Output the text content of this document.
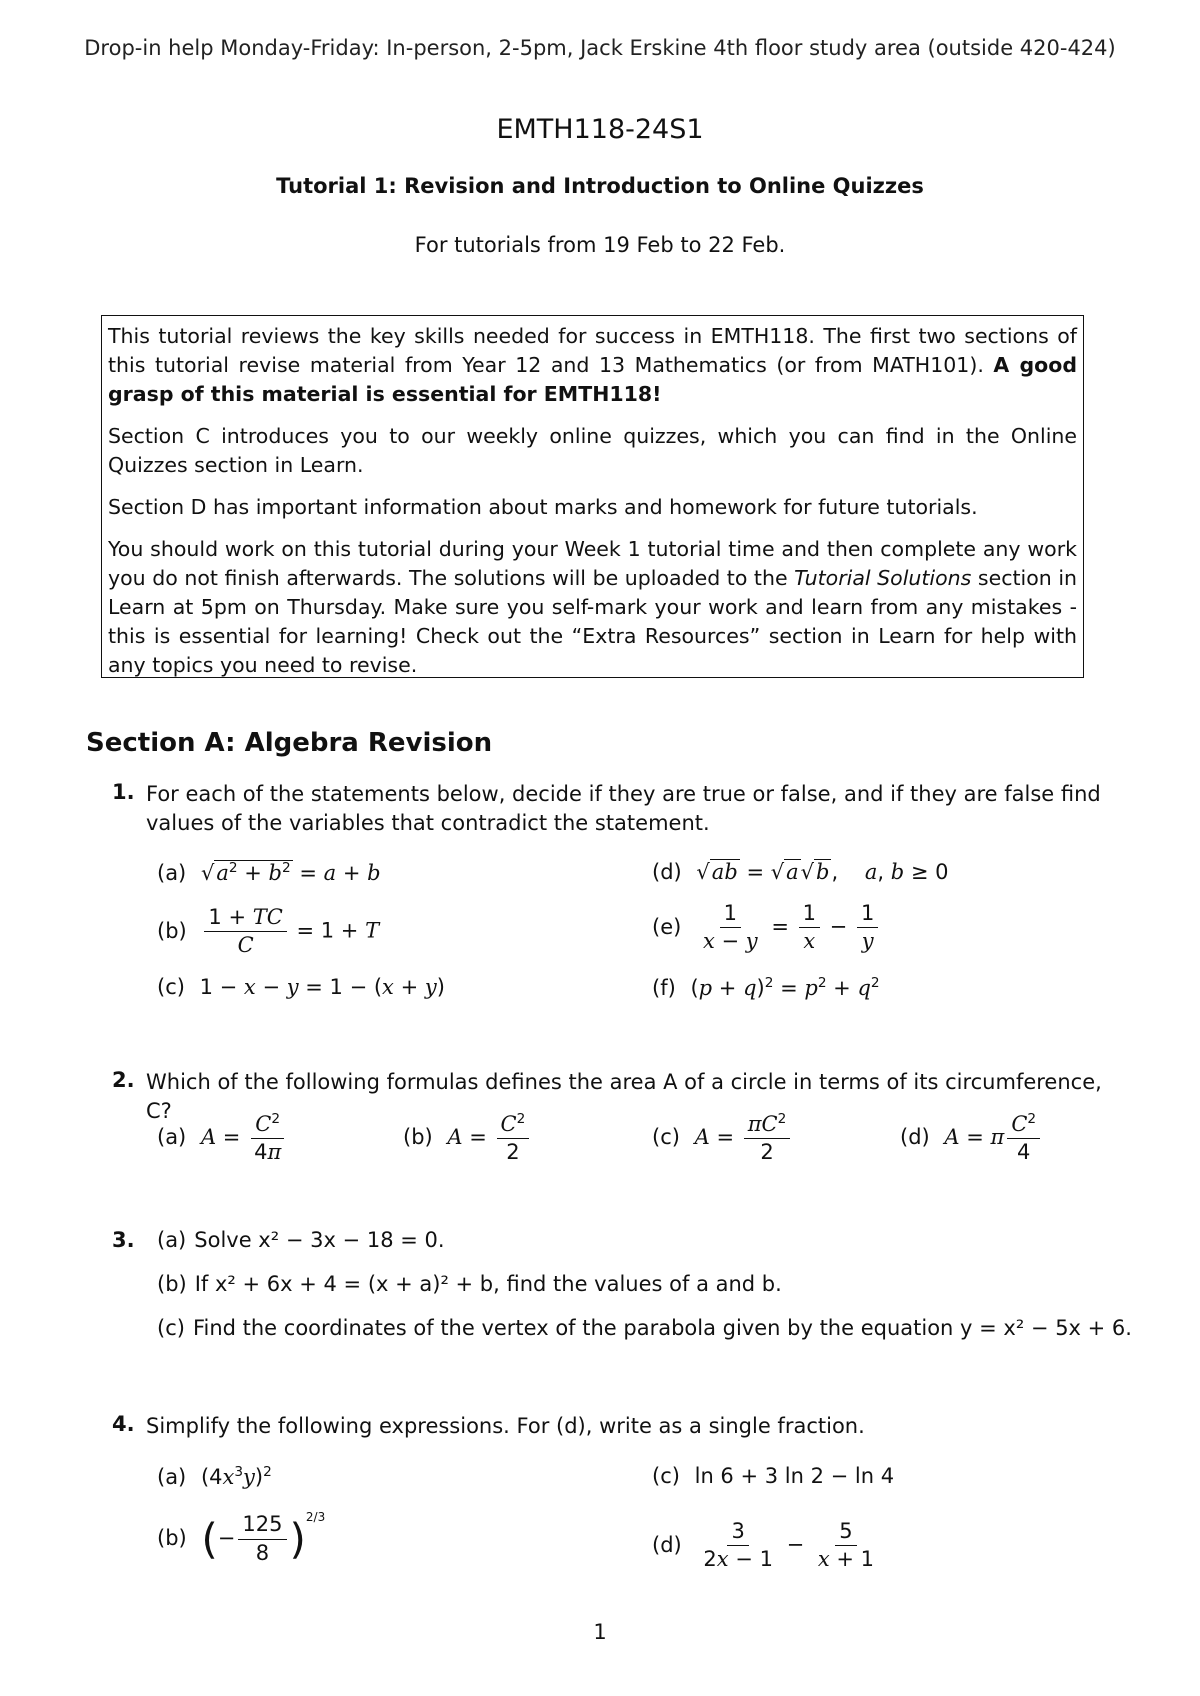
Drop-in help Monday-Friday: In-person, 2-5pm, Jack Erskine 4th floor study area (outside 420-424)
EMTH118-24S1
Tutorial 1: Revision and Introduction to Online Quizzes
For tutorials from 19 Feb to 22 Feb.

This tutorial reviews the key skills needed for success in EMTH118. The first two sections of this tutorial revise material from Year 12 and 13 Mathematics (or from MATH101). A good grasp of this material is essential for EMTH118!

Section C introduces you to our weekly online quizzes, which you can find in the Online Quizzes section in Learn.

Section D has important information about marks and homework for future tutorials.

You should work on this tutorial during your Week 1 tutorial time and then complete any work you do not finish afterwards. The solutions will be uploaded to the Tutorial Solutions section in Learn at 5pm on Thursday. Make sure you self-mark your work and learn from any mistakes - this is essential for learning! Check out the “Extra Resources” section in Learn for help with any topics you need to revise.

Section A: Algebra Revision
1. For each of the statements below, decide if they are true or false, and if they are false find values of the variables that contradict the statement.
(a) $√a^2 + b^2 = a + b$
$(b) \frac{1 + TC}{C} = 1 + T$
(c) 1 − x − y = 1 − (x + y)
(d) √ab = √a√b,    a, b ≥ 0
$(e) \frac{1}{x - y} = \frac{1}{x} - \frac{1}{y}$
(f) $(p + q)^2 = p^2 + q^2$
2. Which of the following formulas defines the area A of a circle in terms of its circumference, C?
(a) $A = \frac{C^2}{4\pi}$	(b) $A = \frac{C^2}{2}$	(c) $A = \frac{\pi C^2}{2}$	(d) A = π $\frac{C^2}{4}$
3. (a) Solve x² − 3x − 18 = 0.
(b) If x² + 6x + 4 = (x + a)² + b, find the values of a and b.
(c) Find the coordinates of the vertex of the parabola given by the equation y = x² − 5x + 6.
4. Simplify the following expressions. For (d), write as a single fraction.
(a) $(4x^3y)^2$
(b) (− $\frac{125}{8} )^{2/3}$
(c) ln 6 + 3 ln 2 − ln 4
$(d) \frac{3}{2x - 1} - \frac{5}{x + 1}$
1
